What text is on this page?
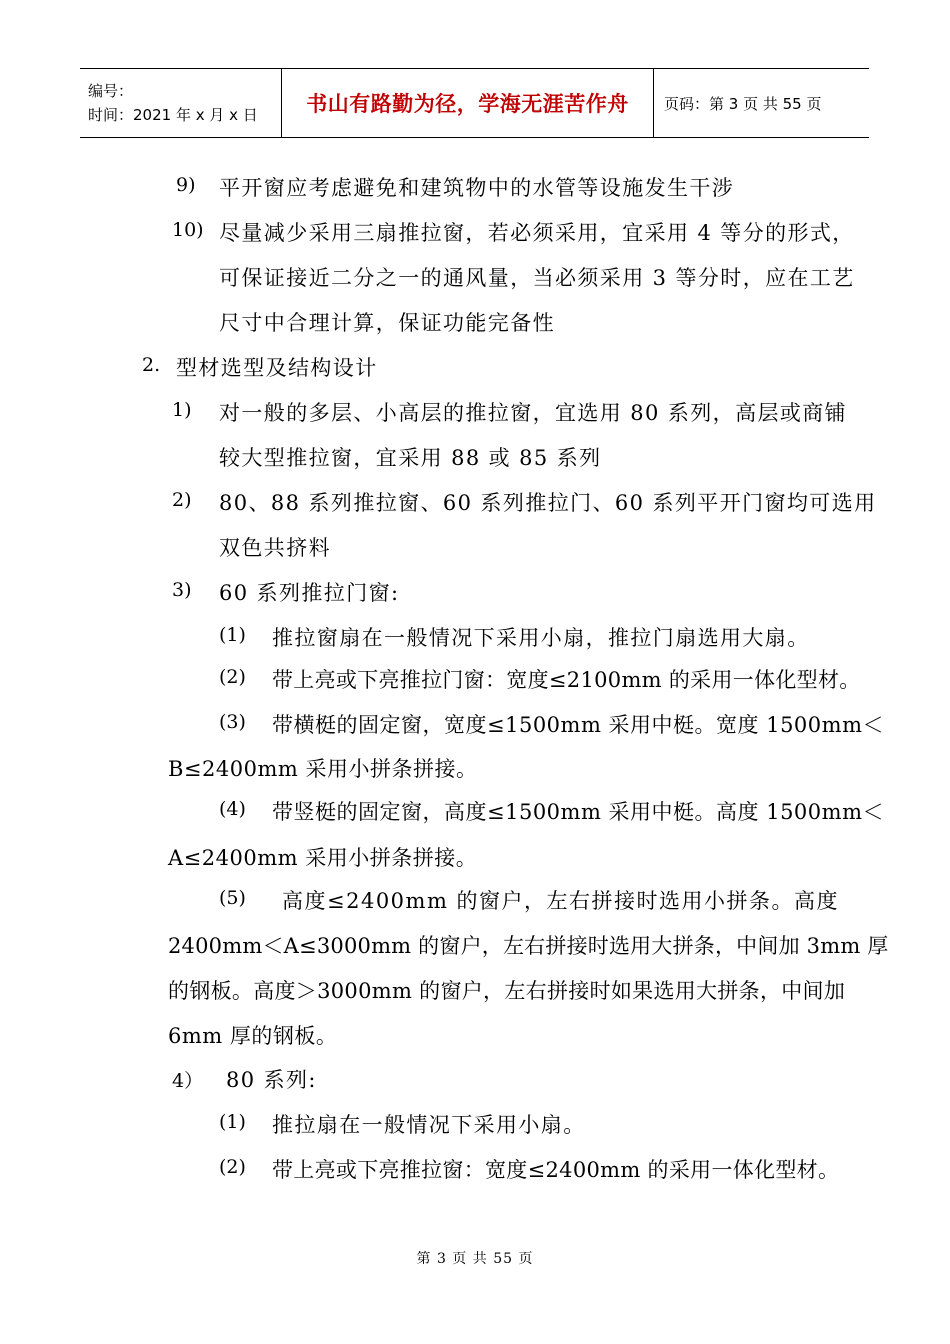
编号：
时间：2021 年 x 月 x 日	书山有路勤为径，学海无涯苦作舟 页码：第 3 页 共 55 页
9) 平开窗应考虑避免和建筑物中的水管等设施发生干涉
10) 尽量减少采用三扇推拉窗，若必须采用，宜采用 4 等分的形式，
可保证接近二分之一的通风量，当必须采用 3 等分时，应在工艺
尺寸中合理计算，保证功能完备性
2. 型材选型及结构设计
1) 对一般的多层、小高层的推拉窗，宜选用 80 系列，高层或商铺
较大型推拉窗，宜采用 88 或 85 系列
2) 80、88 系列推拉窗、60 系列推拉门、60 系列平开门窗均可选用
双色共挤料
3) 60 系列推拉门窗:
(1) 推拉窗扇在一般情况下采用小扇，推拉门扇选用大扇。
(2) 带上亮或下亮推拉门窗：宽度≤2100mm 的采用一体化型材。
(3) 带横梃的固定窗，宽度≤1500mm 采用中梃。宽度 1500mm＜
B≤2400mm 采用小拼条拼接。
(4) 带竖梃的固定窗，高度≤1500mm 采用中梃。高度 1500mm＜
A≤2400mm 采用小拼条拼接。
(5) 高度≤2400mm 的窗户，左右拼接时选用小拼条。高度
2400mm＜A≤3000mm 的窗户，左右拼接时选用大拼条，中间加 3mm 厚
的钢板。高度＞3000mm 的窗户，左右拼接时如果选用大拼条，中间加
6mm 厚的钢板。
4） 80 系列:
(1) 推拉扇在一般情况下采用小扇。
(2) 带上亮或下亮推拉窗：宽度≤2400mm 的采用一体化型材。
第 3 页 共 55 页
